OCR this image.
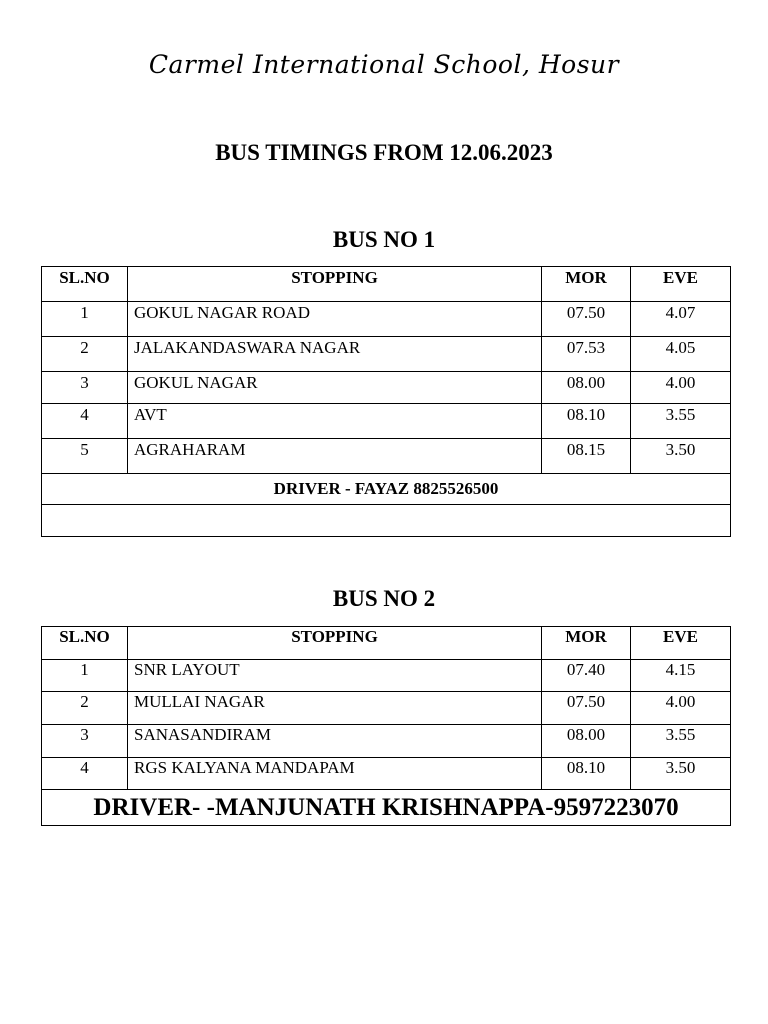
Carmel International School, Hosur
BUS TIMINGS FROM 12.06.2023
BUS NO 1
SL.NO	STOPPING	MOR	EVE
1	GOKUL NAGAR ROAD	07.50	4.07
2	JALAKANDASWARA NAGAR	07.53	4.05
3	GOKUL NAGAR	08.00	4.00
4	AVT	08.10	3.55
5	AGRAHARAM	08.15	3.50
DRIVER - FAYAZ 8825526500			

BUS NO 2
SL.NO	STOPPING	MOR	EVE
1	SNR LAYOUT	07.40	4.15
2	MULLAI NAGAR	07.50	4.00
3	SANASANDIRAM	08.00	3.55
4	RGS KALYANA MANDAPAM	08.10	3.50
DRIVER- -MANJUNATH KRISHNAPPA-9597223070			
